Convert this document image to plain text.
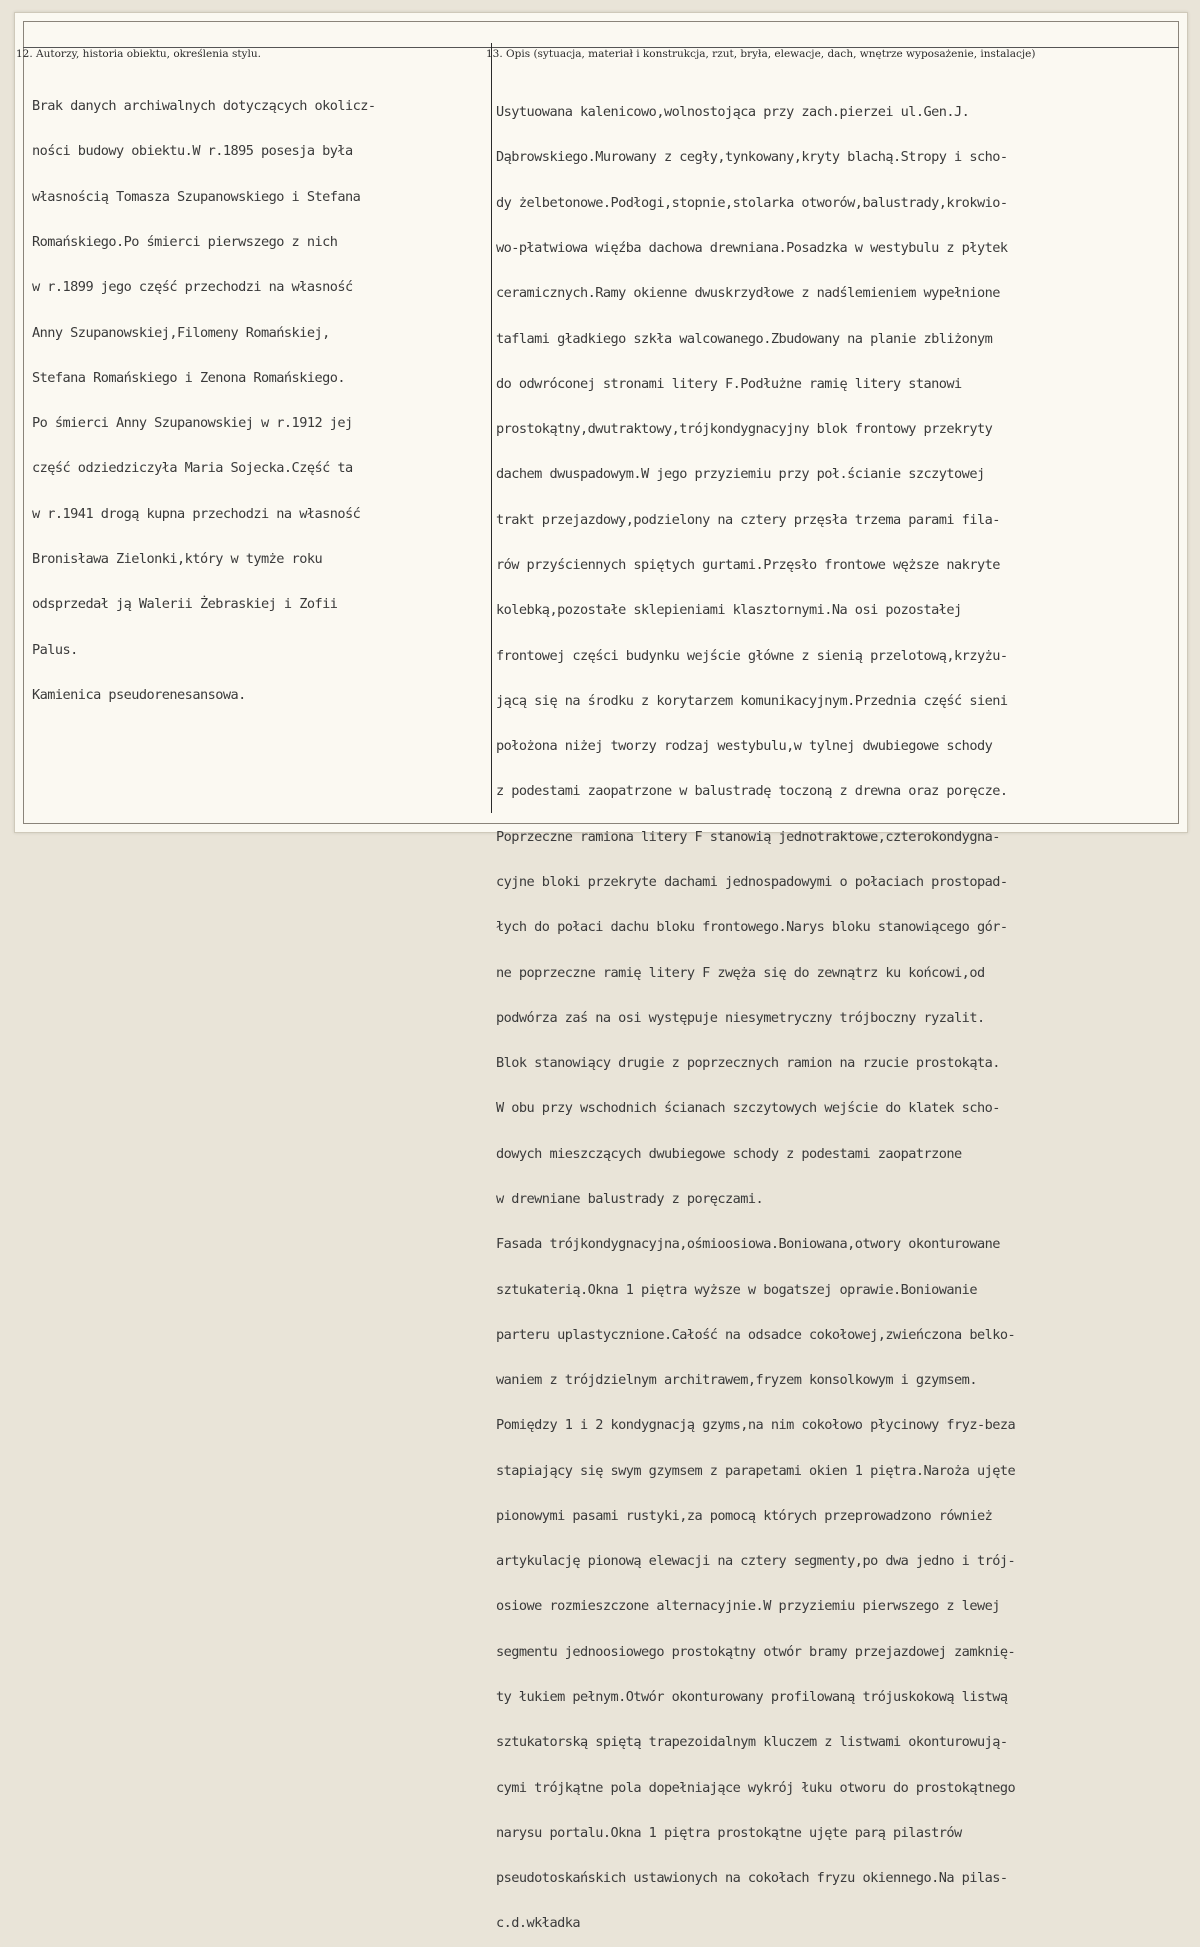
12. Autorzy, historia obiektu, określenia stylu.	13. Opis (sytuacja, materiał i konstrukcja, rzut, bryła, elewacje, dach, wnętrze wyposażenie, instalacje)

Brak danych archiwalnych dotyczących okolicz-

ności budowy obiektu.W r.1895 posesja była

własnością Tomasza Szupanowskiego i Stefana

Romańskiego.Po śmierci pierwszego z nich

w r.1899 jego część przechodzi na własność

Anny Szupanowskiej,Filomeny Romańskiej,

Stefana Romańskiego i Zenona Romańskiego.

Po śmierci Anny Szupanowskiej w r.1912 jej

część odziedziczyła Maria Sojecka.Część ta

w r.1941 drogą kupna przechodzi na własność

Bronisława Zielonki,który w tymże roku

odsprzedał ją Walerii Żebraskiej i Zofii

Palus.

Kamienica pseudorenesansowa.

Usytuowana kalenicowo,wolnostojąca przy zach.pierzei ul.Gen.J.

Dąbrowskiego.Murowany z cegły,tynkowany,kryty blachą.Stropy i scho-

dy żelbetonowe.Podłogi,stopnie,stolarka otworów,balustrady,krokwio-

wo-płatwiowa więźba dachowa drewniana.Posadzka w westybulu z płytek

ceramicznych.Ramy okienne dwuskrzydłowe z nadślemieniem wypełnione

taflami gładkiego szkła walcowanego.Zbudowany na planie zbliżonym

do odwróconej stronami litery F.Podłużne ramię litery stanowi

prostokątny,dwutraktowy,trójkondygnacyjny blok frontowy przekryty

dachem dwuspadowym.W jego przyziemiu przy poł.ścianie szczytowej

trakt przejazdowy,podzielony na cztery przęsła trzema parami fila-

rów przyściennych spiętych gurtami.Przęsło frontowe węższe nakryte

kolebką,pozostałe sklepieniami klasztornymi.Na osi pozostałej

frontowej części budynku wejście główne z sienią przelotową,krzyżu-

jącą się na środku z korytarzem komunikacyjnym.Przednia część sieni

położona niżej tworzy rodzaj westybulu,w tylnej dwubiegowe schody

z podestami zaopatrzone w balustradę toczoną z drewna oraz poręcze.

Poprzeczne ramiona litery F stanowią jednotraktowe,czterokondygna-

cyjne bloki przekryte dachami jednospadowymi o połaciach prostopad-

łych do połaci dachu bloku frontowego.Narys bloku stanowiącego gór-

ne poprzeczne ramię litery F zwęża się do zewnątrz ku końcowi,od

podwórza zaś na osi występuje niesymetryczny trójboczny ryzalit.

Blok stanowiący drugie z poprzecznych ramion na rzucie prostokąta.

W obu przy wschodnich ścianach szczytowych wejście do klatek scho-

dowych mieszczących dwubiegowe schody z podestami zaopatrzone

w drewniane balustrady z poręczami.

Fasada trójkondygnacyjna,ośmioosiowa.Boniowana,otwory okonturowane

sztukaterią.Okna 1 piętra wyższe w bogatszej oprawie.Boniowanie

parteru uplastycznione.Całość na odsadce cokołowej,zwieńczona belko-

waniem z trójdzielnym architrawem,fryzem konsolkowym i gzymsem.

Pomiędzy 1 i 2 kondygnacją gzyms,na nim cokołowo płycinowy fryz-beza

stapiający się swym gzymsem z parapetami okien 1 piętra.Naroża ujęte

pionowymi pasami rustyki,za pomocą których przeprowadzono również

artykulację pionową elewacji na cztery segmenty,po dwa jedno i trój-

osiowe rozmieszczone alternacyjnie.W przyziemiu pierwszego z lewej

segmentu jednoosiowego prostokątny otwór bramy przejazdowej zamknię-

ty łukiem pełnym.Otwór okonturowany profilowaną trójuskokową listwą

sztukatorską spiętą trapezoidalnym kluczem z listwami okonturowują-

cymi trójkątne pola dopełniające wykrój łuku otworu do prostokątnego

narysu portalu.Okna 1 piętra prostokątne ujęte parą pilastrów

pseudotoskańskich ustawionych na cokołach fryzu okiennego.Na pilas-

c.d.wkładka
